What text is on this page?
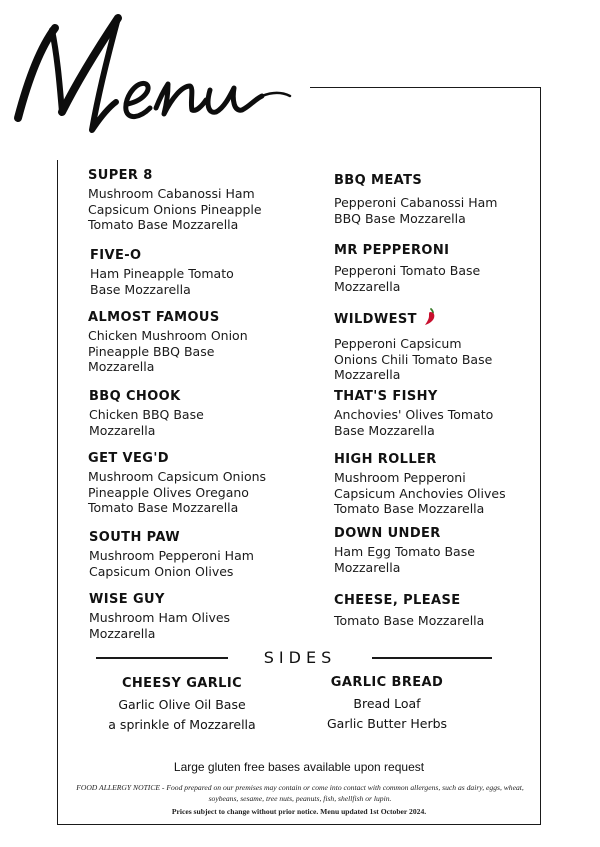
SUPER 8
Mushroom Cabanossi Ham
Capsicum Onions Pineapple
Tomato Base Mozzarella
FIVE-O
Ham Pineapple Tomato
Base Mozzarella
ALMOST FAMOUS
Chicken Mushroom Onion
Pineapple BBQ Base
Mozzarella
BBQ CHOOK
Chicken BBQ Base
Mozzarella
GET VEG'D
Mushroom Capsicum Onions
Pineapple Olives Oregano
Tomato Base Mozzarella
SOUTH PAW
Mushroom Pepperoni Ham
Capsicum Onion Olives
WISE GUY
Mushroom Ham Olives
Mozzarella
BBQ MEATS
Pepperoni Cabanossi Ham
BBQ Base Mozzarella
MR PEPPERONI
Pepperoni Tomato Base
Mozzarella
WILDWEST
Pepperoni Capsicum
Onions Chili Tomato Base
Mozzarella
THAT'S FISHY
Anchovies' Olives Tomato
Base Mozzarella
HIGH ROLLER
Mushroom Pepperoni
Capsicum Anchovies Olives
Tomato Base Mozzarella
DOWN UNDER
Ham Egg Tomato Base
Mozzarella
CHEESE, PLEASE
Tomato Base Mozzarella
SIDES
CHEESY GARLIC
Garlic Olive Oil Base
a sprinkle of Mozzarella
GARLIC BREAD
Bread Loaf
Garlic Butter Herbs
Large gluten free bases available upon request
FOOD ALLERGY NOTICE - Food prepared on our premises may contain or come into contact with common allergens, such as dairy, eggs, wheat, soybeans, sesame, tree nuts, peanuts, fish, shellfish or lupin.
Prices subject to change without prior notice. Menu updated 1st October 2024.
